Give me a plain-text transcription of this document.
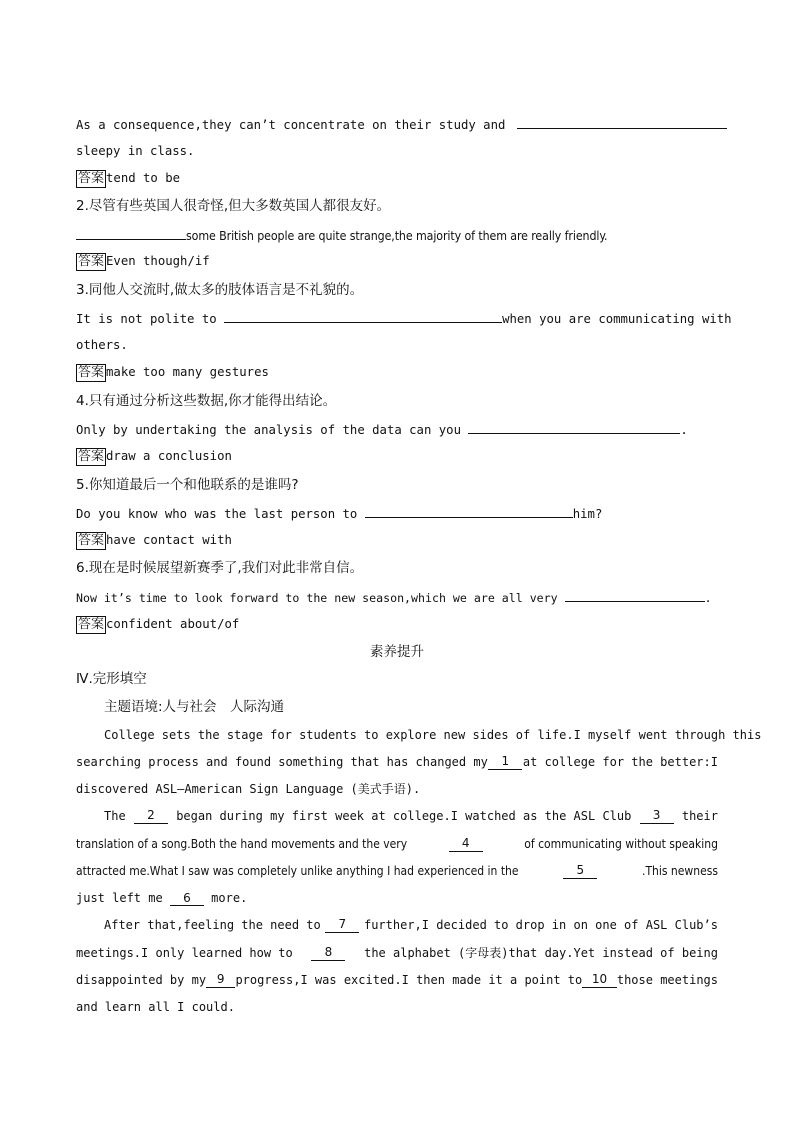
As a consequence,they can’t concentrate on their study and
sleepy in class.
答案 tend to be
2.尽管有些英国人很奇怪,但大多数英国人都很友好。
some British people are quite strange,the majority of them are really friendly.
答案 Even though/if
3.同他人交流时,做太多的肢体语言是不礼貌的。
It is not polite to	when you are communicating with
others.
答案 make too many gestures
4.只有通过分析这些数据,你才能得出结论。
Only by undertaking the analysis of the data can you	.
答案 draw a conclusion
5.你知道最后一个和他联系的是谁吗?
Do you know who was the last person to	him?
答案 have contact with
6.现在是时候展望新赛季了,我们对此非常自信。
Now it’s time to look forward to the new season,which we are all very	.
答案 confident about/of
素养提升
Ⅳ.完形填空
主题语境:人与社会　人际沟通
College sets the stage for students to explore new sides of life.I myself went through this
searching process and found something that has changed my	1	at college for the better:I
discovered ASL—American Sign Language (美式手语).
The	2	began during my first week at college.I watched as the ASL Club	3	their
translation of a song.Both the hand movements and the very	4	of communicating without speaking
attracted me.What I saw was completely unlike anything I had experienced in the	5	.This newness
just left me 6 more.
After that,feeling the need to	7	further,I decided to drop in on one of ASL Club’s
meetings.I only learned how to	8	the alphabet (字母表)that day.Yet instead of being
disappointed by my 9 progress,I was excited.I then made it a point to 10 those meetings
and learn all I could.
